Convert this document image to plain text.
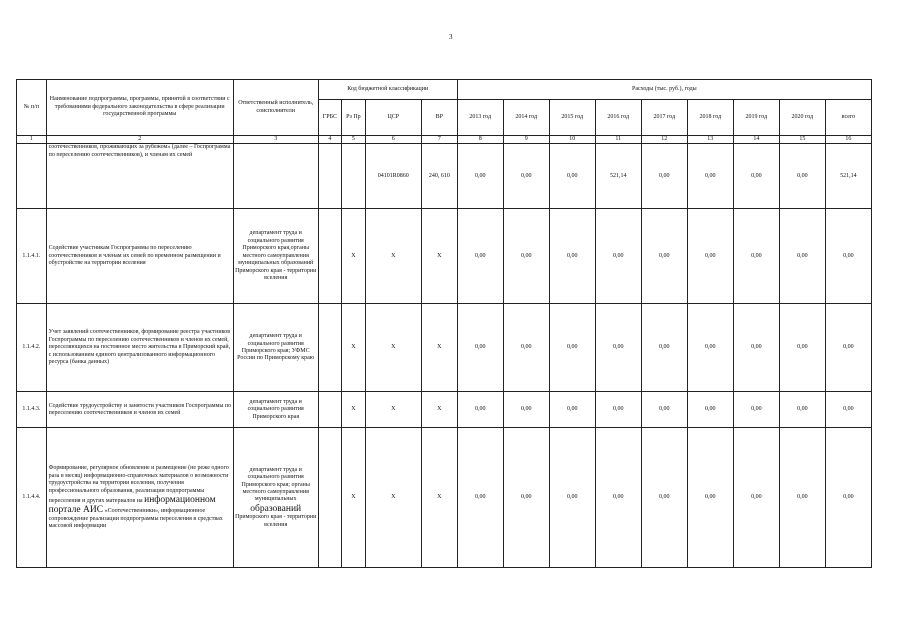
3
№ п/п	Наименование подпрограммы, программы, принятой в соответствии с требованиями федерального законодательства в сфере реализации государственной программы	Ответственный исполнитель, соисполнители	Код бюджетной классификации				Расходы (тыс. руб.), годы								
			ГРБС	Рз Пр	ЦСР	ВР	2013 год	2014 год	2015 год	2016 год	2017 год	2018 год	2019 год	2020 год	всего
1	2	3	4	5	6	7	8	9	10	11	12	13	14	15	16
	соотечественников, проживающих за рубежом» (далее – Госпрограмма по переселению соотечественников), и членам их семей				04101R0860	240, 610	0,00	0,00	0,00	521,14	0,00	0,00	0,00	0,00	521,14
1.1.4.1.	Содействие участникам Госпрограммы по переселению соотечественников и членам их семей по временном размещении и обустройстве на территории вселения	департамент труда и социального развития Приморского края,органы местного самоуправления муниципальных образований Приморского края - территории вселения		X	X	X	0,00	0,00	0,00	0,00	0,00	0,00	0,00	0,00	0,00
1.1.4.2.	Учет заявлений соотечественников, формирование реестра участников Госпрограммы по переселению соотечественников и членов их семей, переселяющихся на постоянное место жительства в Приморский край, с использованием единого централизованного информационного ресурса (банка данных)	департамент труда и социального развития Приморского края; УФМС России по Приморскому краю		X	X	X	0,00	0,00	0,00	0,00	0,00	0,00	0,00	0,00	0,00
1.1.4.3.	Содействие трудоустройству и занятости участников Госпрограммы по переселению соотечественников и членов их семей	департамент труда и социального развития Приморского края		X	X	X	0,00	0,00	0,00	0,00	0,00	0,00	0,00	0,00	0,00
1.1.4.4.	Формирование, регулярное обновление и размещение (не реже одного раза в месяц) информационно-справочных материалов о возможности трудоустройства на территории вселения, получения профессионального образования, реализации подпрограммы переселения и других материалов на информационном портале АИС «Соотечественники», информационное сопровождение реализации подпрограммы переселения в средствах массовой информации	департамент труда и социального развития Приморского края; органы местного самоуправления муниципальных образований Приморского края - территории вселения		X	X	X	0,00	0,00	0,00	0,00	0,00	0,00	0,00	0,00	0,00
